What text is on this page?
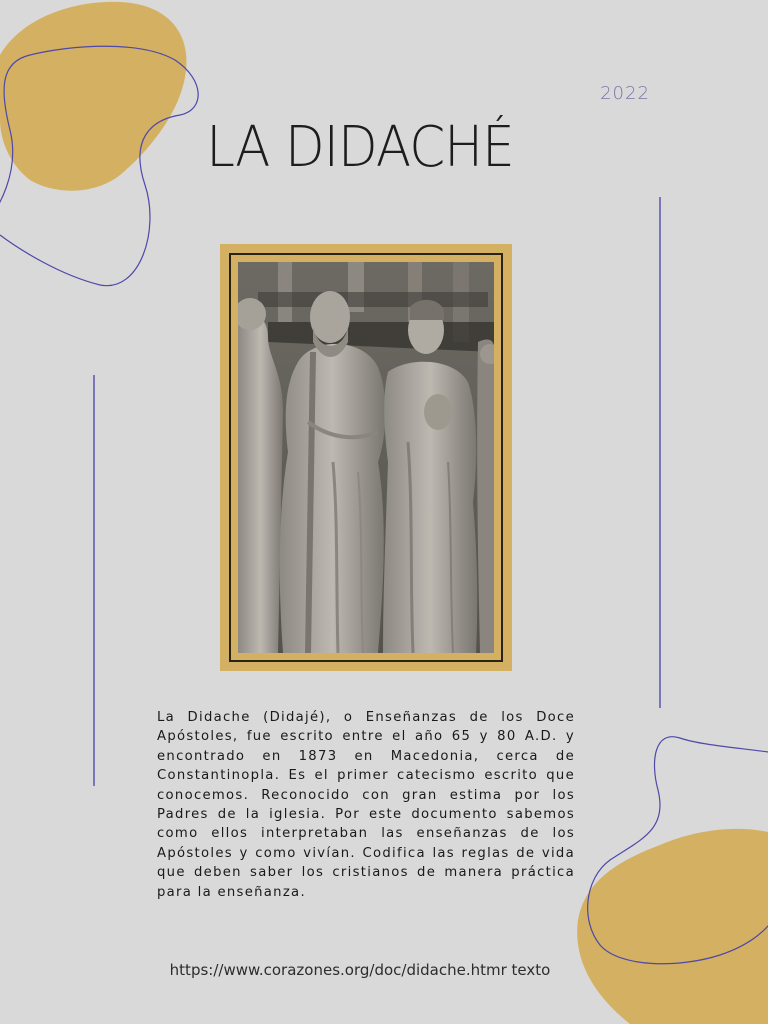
2022
LA DIDACHÉ
La Didache (Didajé), o Enseñanzas de los Doce Apóstoles, fue escrito entre el año 65 y 80 A.D. y encontrado en 1873 en Macedonia, cerca de Constantinopla. Es el primer catecismo escrito que conocemos. Reconocido con gran estima por los Padres de la iglesia. Por este documento sabemos como ellos interpretaban las enseñanzas de los Apóstoles y como vivían. Codifica las reglas de vida que deben saber los cristianos de manera práctica para la enseñanza.
https://www.corazones.org/doc/didache.htmr texto
